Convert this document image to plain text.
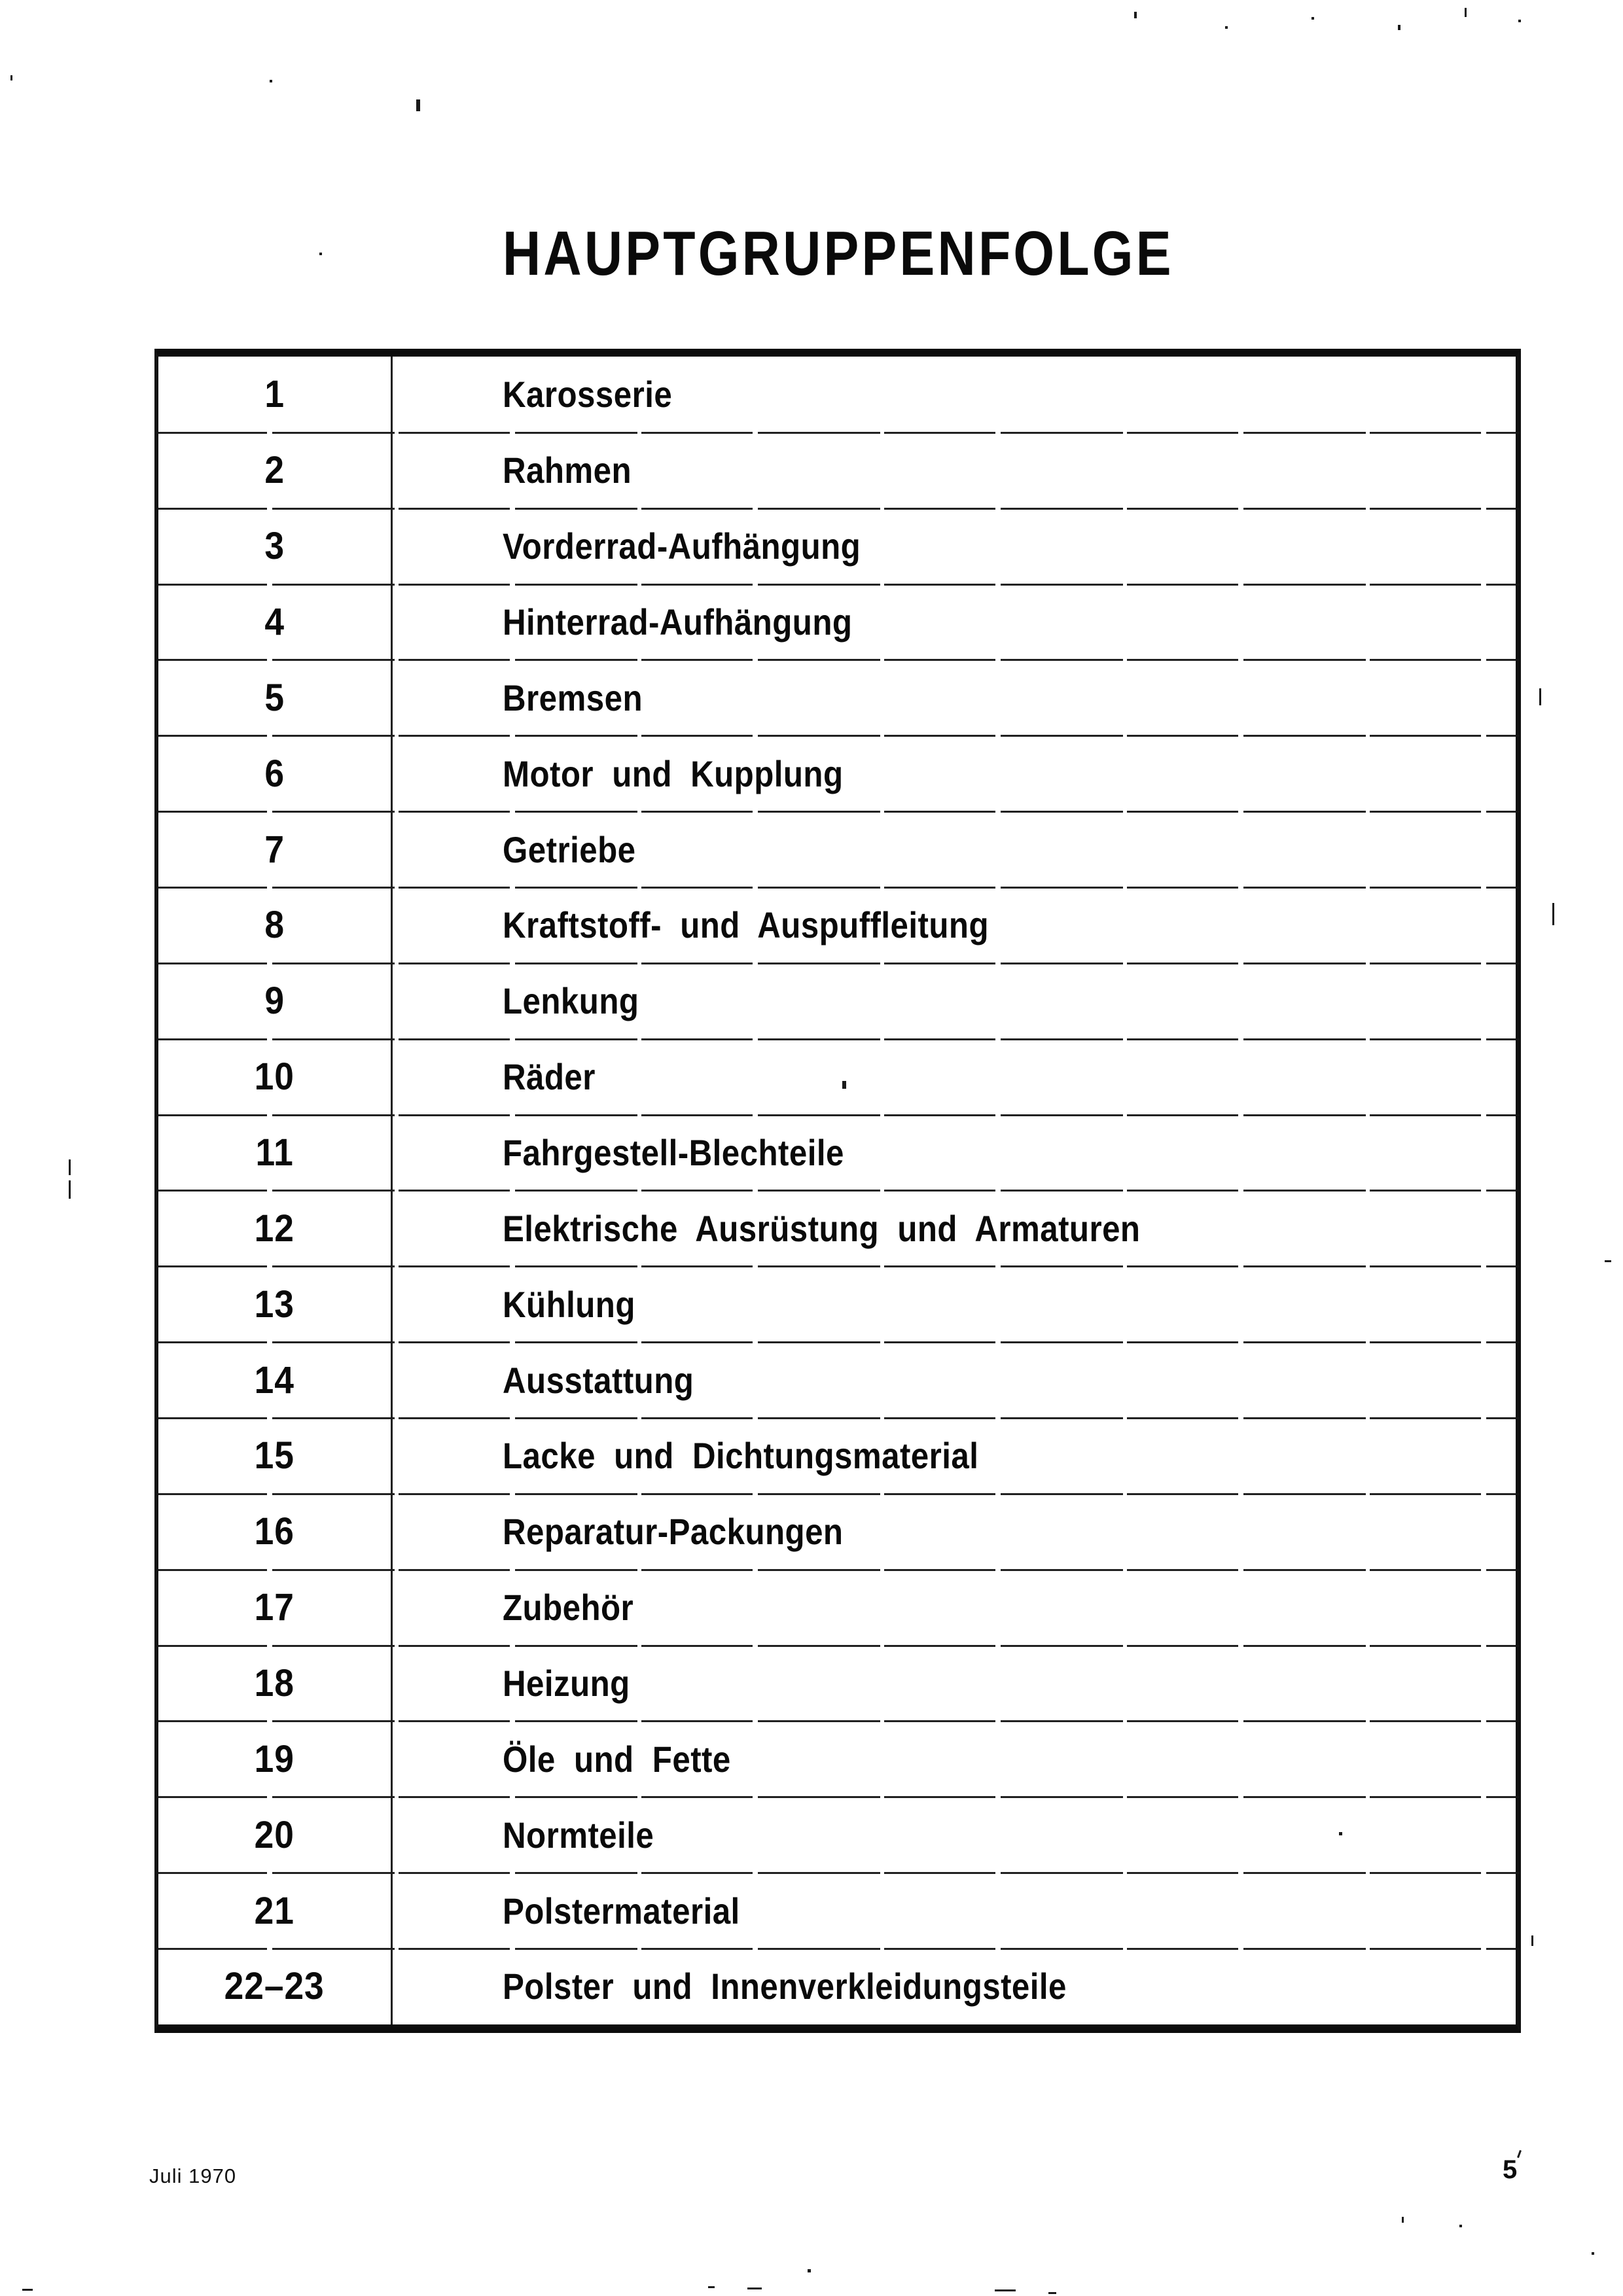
HAUPTGRUPPENFOLGE
1	Karosserie
2	Rahmen
3	Vorderrad-Aufhängung
4	Hinterrad-Aufhängung
5	Bremsen
6	Motor und Kupplung
7	Getriebe
8	Kraftstoff- und Auspuffleitung
9	Lenkung
10	Räder
11	Fahrgestell-Blechteile
12	Elektrische Ausrüstung und Armaturen
13	Kühlung
14	Ausstattung
15	Lacke und Dichtungsmaterial
16	Reparatur-Packungen
17	Zubehör
18	Heizung
19	Öle und Fette
20	Normteile
21	Polstermaterial
22–23	Polster und Innenverkleidungsteile
Juli 1970	5
